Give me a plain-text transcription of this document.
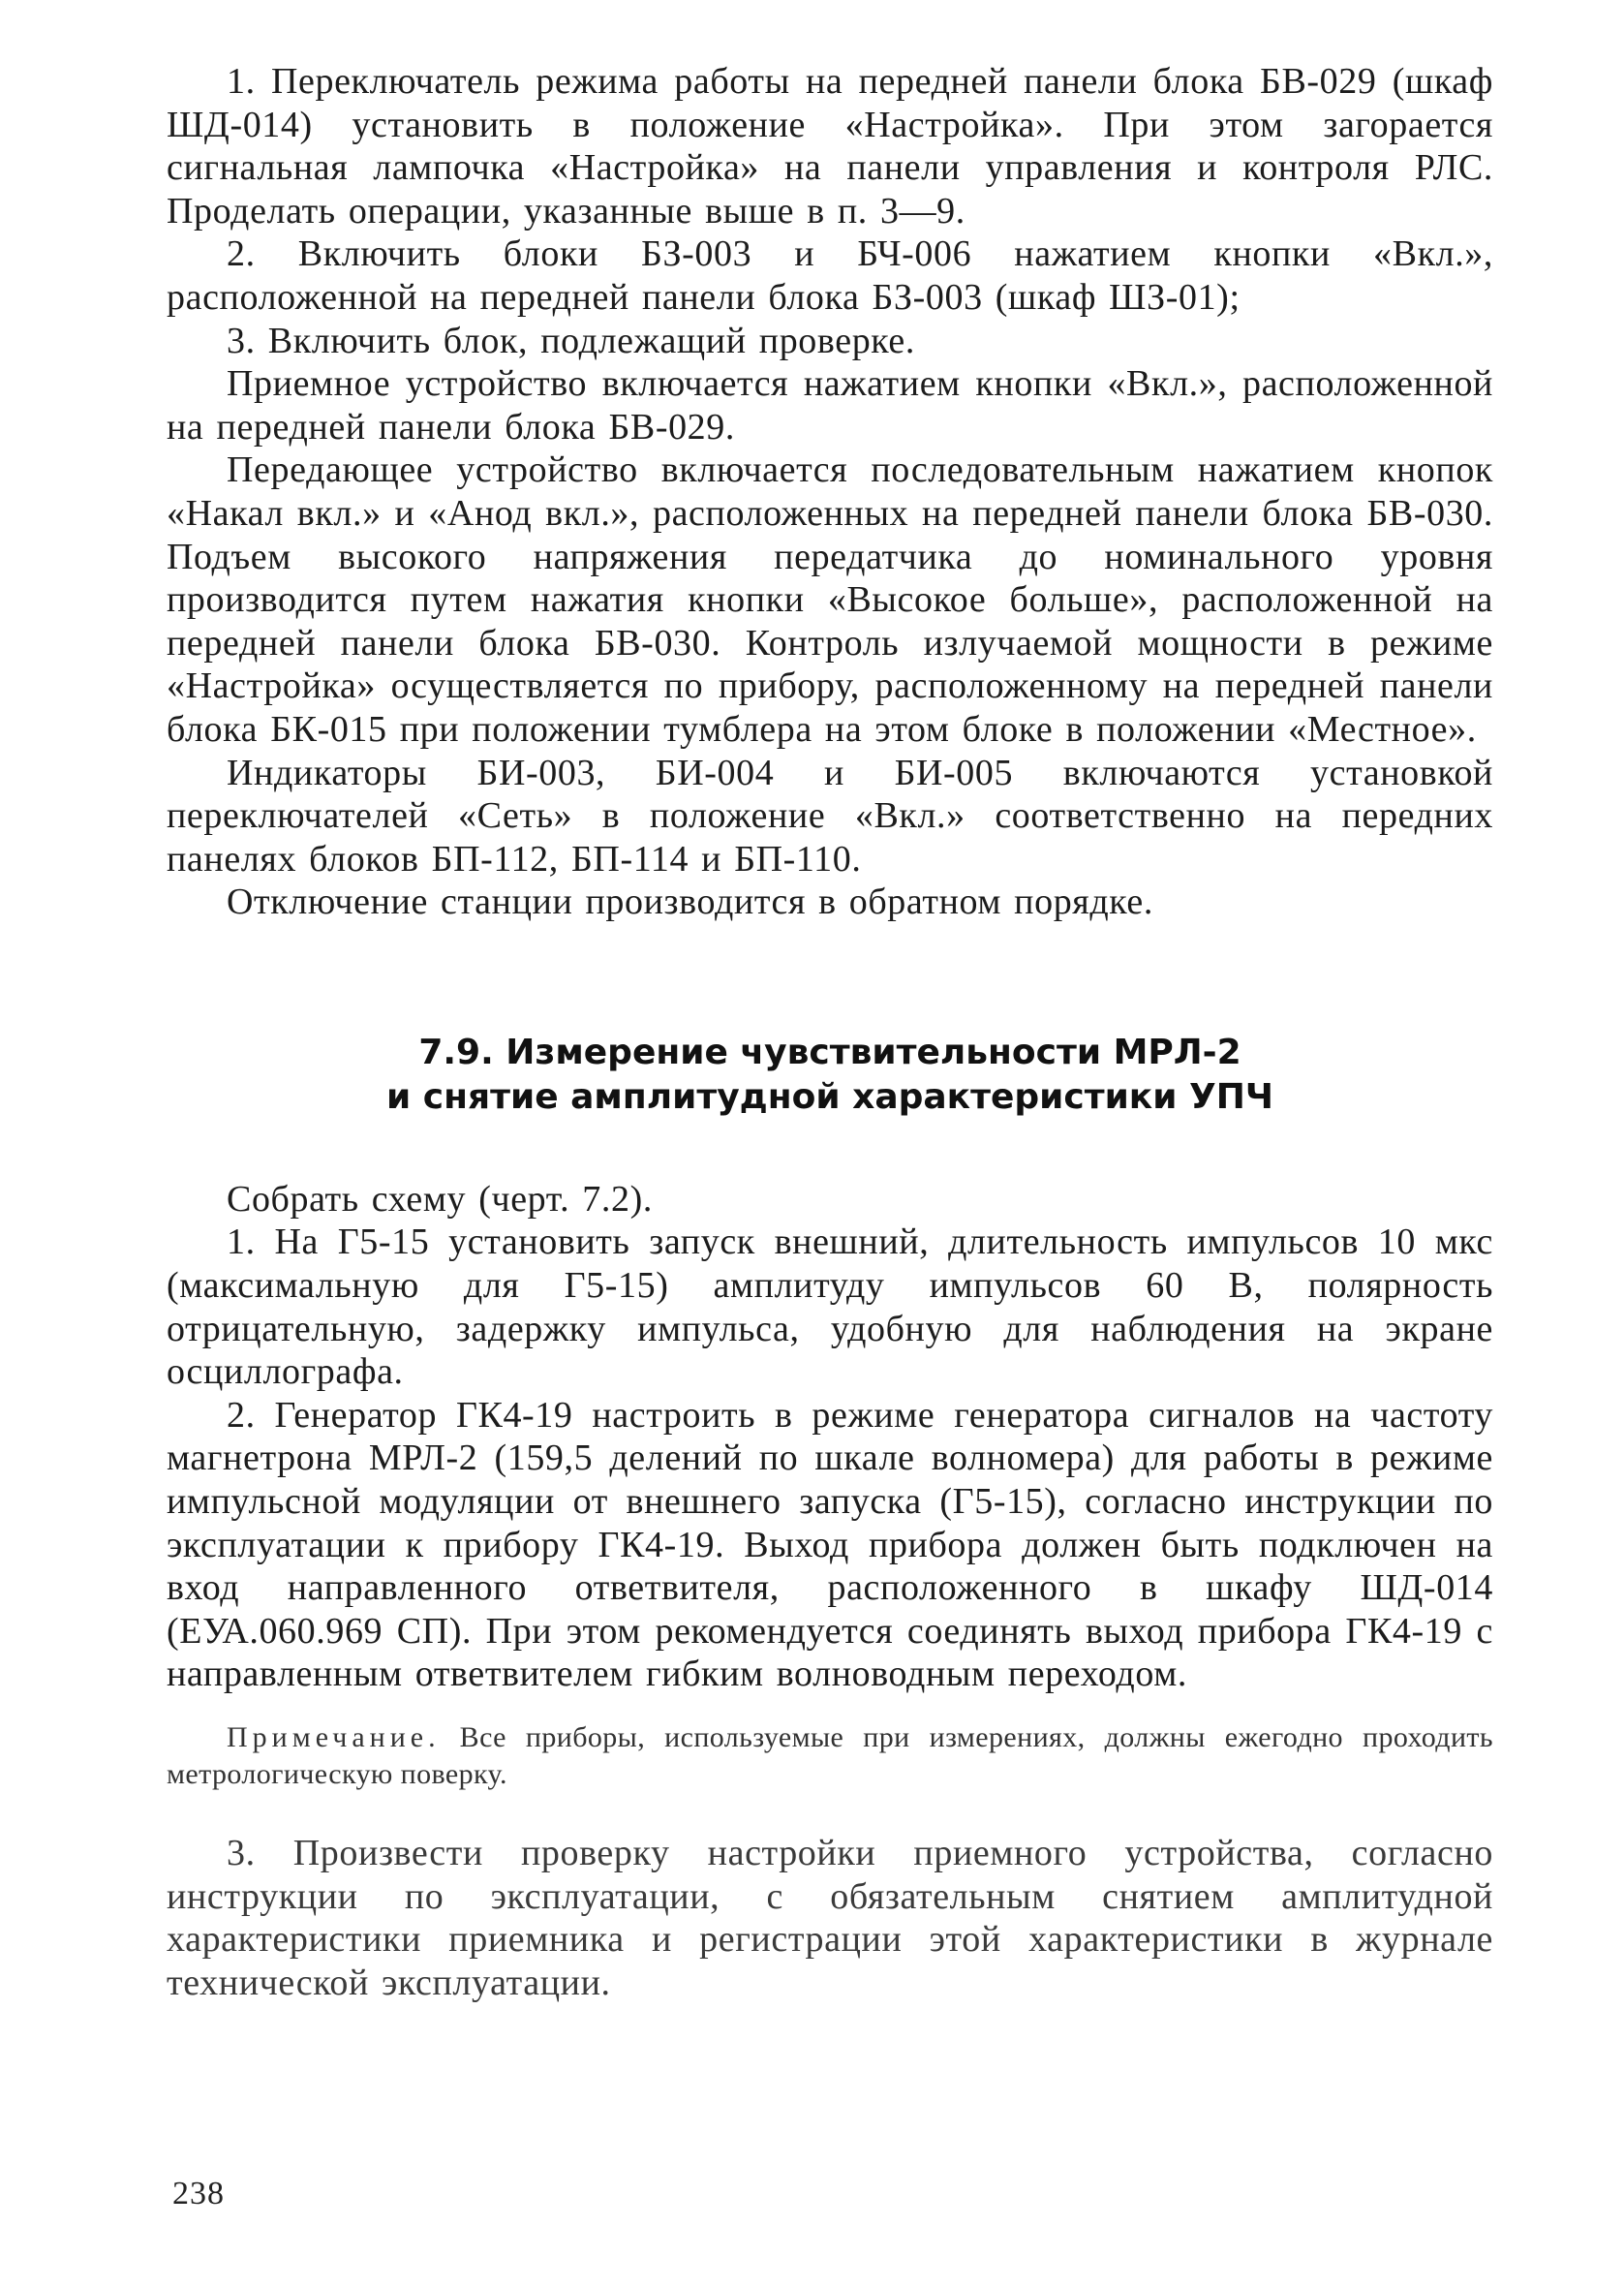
1. Переключатель режима работы на передней панели блока БВ-029 (шкаф ШД-014) установить в положение «Настройка». При этом загорается сигнальная лампочка «Настройка» на панели управления и контроля РЛС. Проделать операции, указанные выше в п. 3—9.

2. Включить блоки БЗ-003 и БЧ-006 нажатием кнопки «Вкл.», расположенной на передней панели блока БЗ-003 (шкаф ШЗ-01);

3. Включить блок, подлежащий проверке.

Приемное устройство включается нажатием кнопки «Вкл.», расположенной на передней панели блока БВ-029.

Передающее устройство включается последовательным нажатием кнопок «Накал вкл.» и «Анод вкл.», расположенных на передней панели блока БВ-030. Подъем высокого напряжения передатчика до номинального уровня производится путем нажатия кнопки «Высокое больше», расположенной на передней панели блока БВ-030. Контроль излучаемой мощности в режиме «Настройка» осуществляется по прибору, расположенному на передней панели блока БК-015 при положении тумблера на этом блоке в положении «Местное».

Индикаторы БИ-003, БИ-004 и БИ-005 включаются установкой переключателей «Сеть» в положение «Вкл.» соответственно на передних панелях блоков БП-112, БП-114 и БП-110.

Отключение станции производится в обратном порядке.

7.9. Измерение чувствительности МРЛ-2
и снятие амплитудной характеристики УПЧ

Собрать схему (черт. 7.2).

1. На Г5-15 установить запуск внешний, длительность импульсов 10 мкс (максимальную для Г5-15) амплитуду импульсов 60 В, полярность отрицательную, задержку импульса, удобную для наблюдения на экране осциллографа.

2. Генератор ГК4-19 настроить в режиме генератора сигналов на частоту магнетрона МРЛ-2 (159,5 делений по шкале волномера) для работы в режиме импульсной модуляции от внешнего запуска (Г5-15), согласно инструкции по эксплуатации к прибору ГК4-19. Выход прибора должен быть подключен на вход направленного ответвителя, расположенного в шкафу ШД-014 (ЕУА.060.969 СП). При этом рекомендуется соединять выход прибора ГК4-19 с направленным ответвителем гибким волноводным переходом.

Примечание. Все приборы, используемые при измерениях, должны ежегодно проходить метрологическую поверку.

3. Произвести проверку настройки приемного устройства, согласно инструкции по эксплуатации, с обязательным снятием амплитудной характеристики приемника и регистрации этой характеристики в журнале технической эксплуатации.

238
